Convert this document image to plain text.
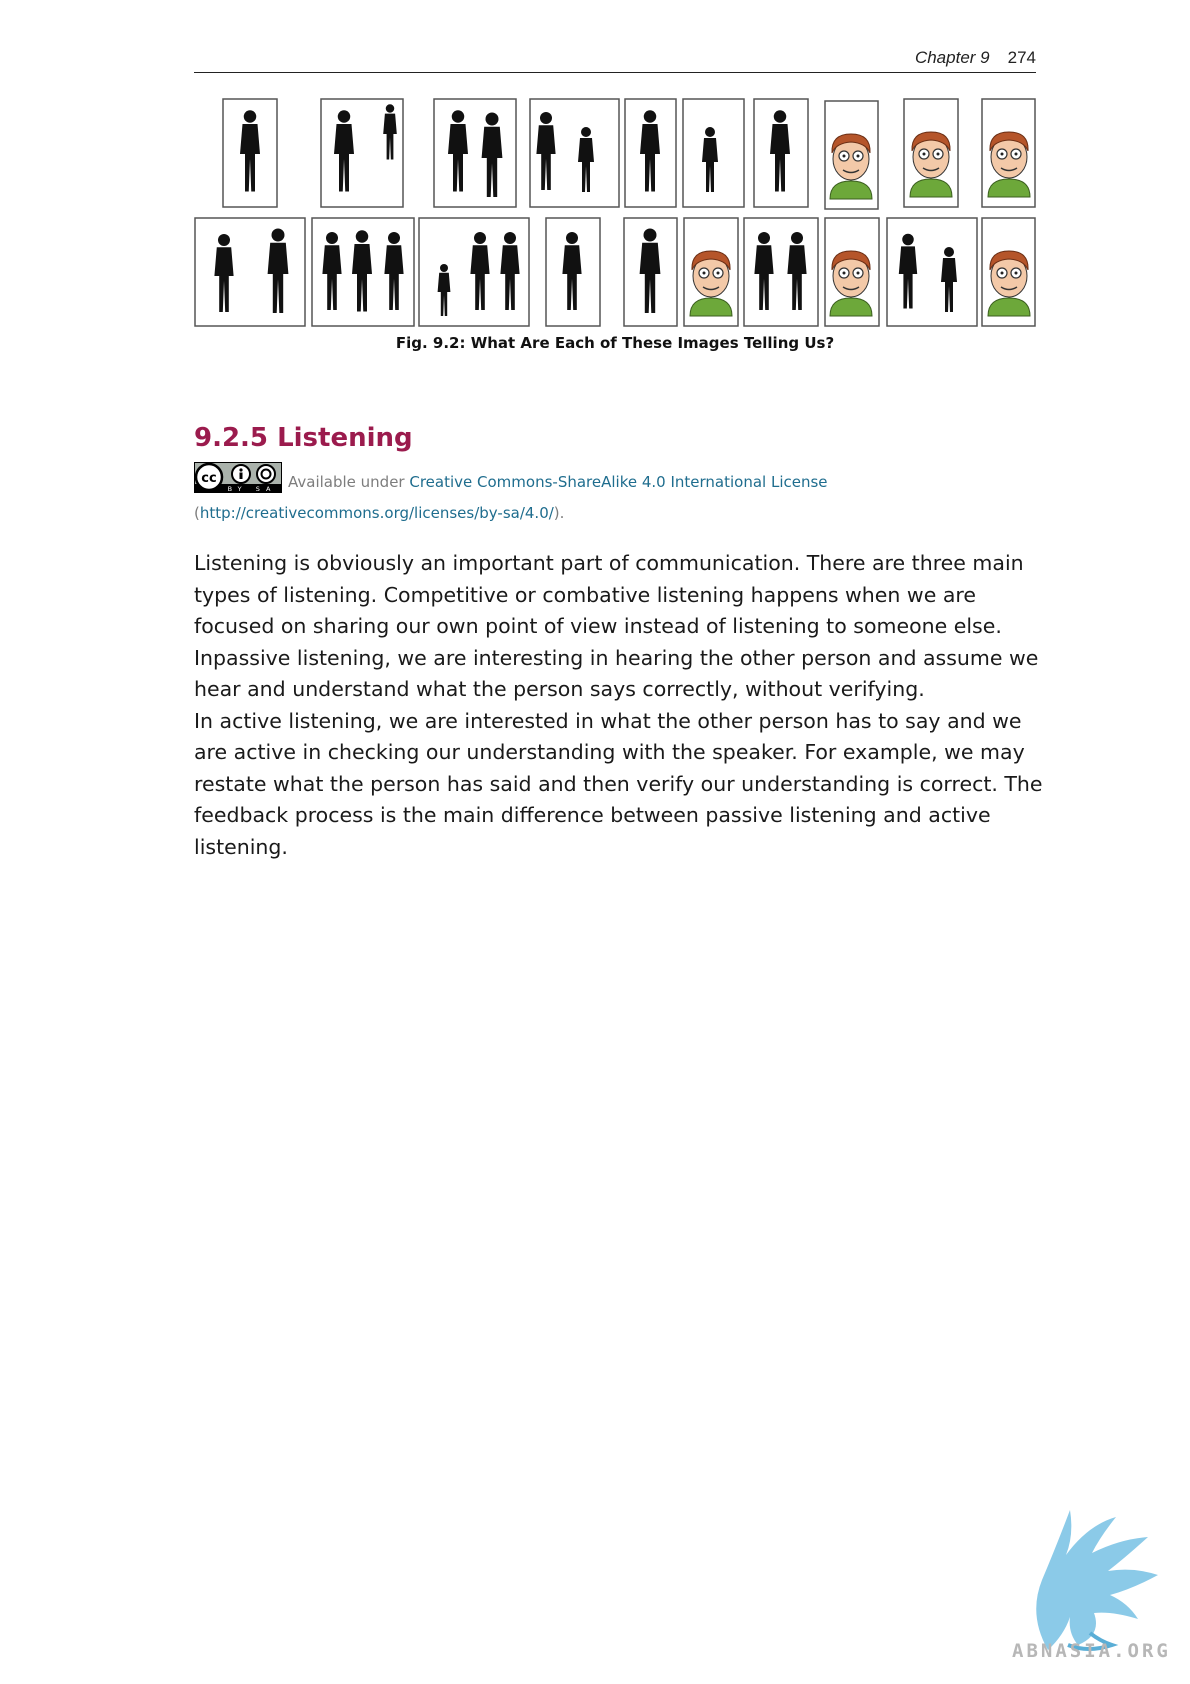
Chapter 9 274
Fig. 9.2: What Are Each of These Images Telling Us?
9.2.5 Listening
cc
BY SA Available under Creative Commons-ShareAlike 4.0 International License (http://creativecommons.org/licenses/by-sa/4.0/).

Listening is obviously an important part of communication. There are three main types of listening. Competitive or combative listening happens when we are focused on sharing our own point of view instead of listening to someone else.

Inpassive listening, we are interesting in hearing the other person and assume we hear and understand what the person says correctly, without verifying.

In active listening, we are interested in what the other person has to say and we are active in checking our understanding with the speaker. For example, we may restate what the person has said and then verify our understanding is correct. The feedback process is the main difference between passive listening and active listening.

ABNASIA.ORG
